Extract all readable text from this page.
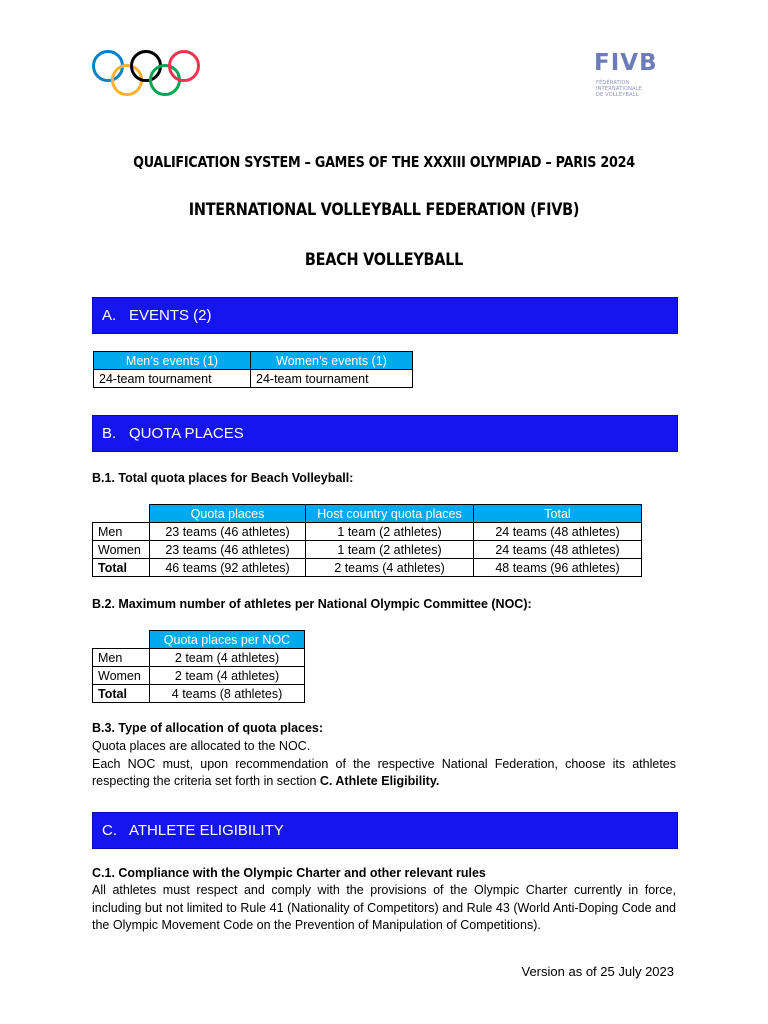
FIVB
FÉDÉRATION INTERNATIONALE
DE VOLLEYBALL
QUALIFICATION SYSTEM – GAMES OF THE XXXIII OLYMPIAD – PARIS 2024
INTERNATIONAL VOLLEYBALL FEDERATION (FIVB)
BEACH VOLLEYBALL
A. EVENTS (2)
Men’s events (1)	Women’s events (1)
24-team tournament	24-team tournament
B. QUOTA PLACES
B.1. Total quota places for Beach Volleyball:
	Quota places	Host country quota places	Total
Men	23 teams (46 athletes)	1 team (2 athletes)	24 teams (48 athletes)
Women	23 teams (46 athletes)	1 team (2 athletes)	24 teams (48 athletes)
Total	46 teams (92 athletes)	2 teams (4 athletes)	48 teams (96 athletes)
B.2. Maximum number of athletes per National Olympic Committee (NOC):
	Quota places per NOC
Men	2 team (4 athletes)
Women	2 team (4 athletes)
Total	4 teams (8 athletes)
B.3. Type of allocation of quota places:
Quota places are allocated to the NOC.
Each NOC must, upon recommendation of the respective National Federation, choose its athletes respecting the criteria set forth in section C. Athlete Eligibility.
C. ATHLETE ELIGIBILITY
C.1. Compliance with the Olympic Charter and other relevant rules
All athletes must respect and comply with the provisions of the Olympic Charter currently in force, including but not limited to Rule 41 (Nationality of Competitors) and Rule 43 (World Anti-Doping Code and the Olympic Movement Code on the Prevention of Manipulation of Competitions).
Version as of 25 July 2023
